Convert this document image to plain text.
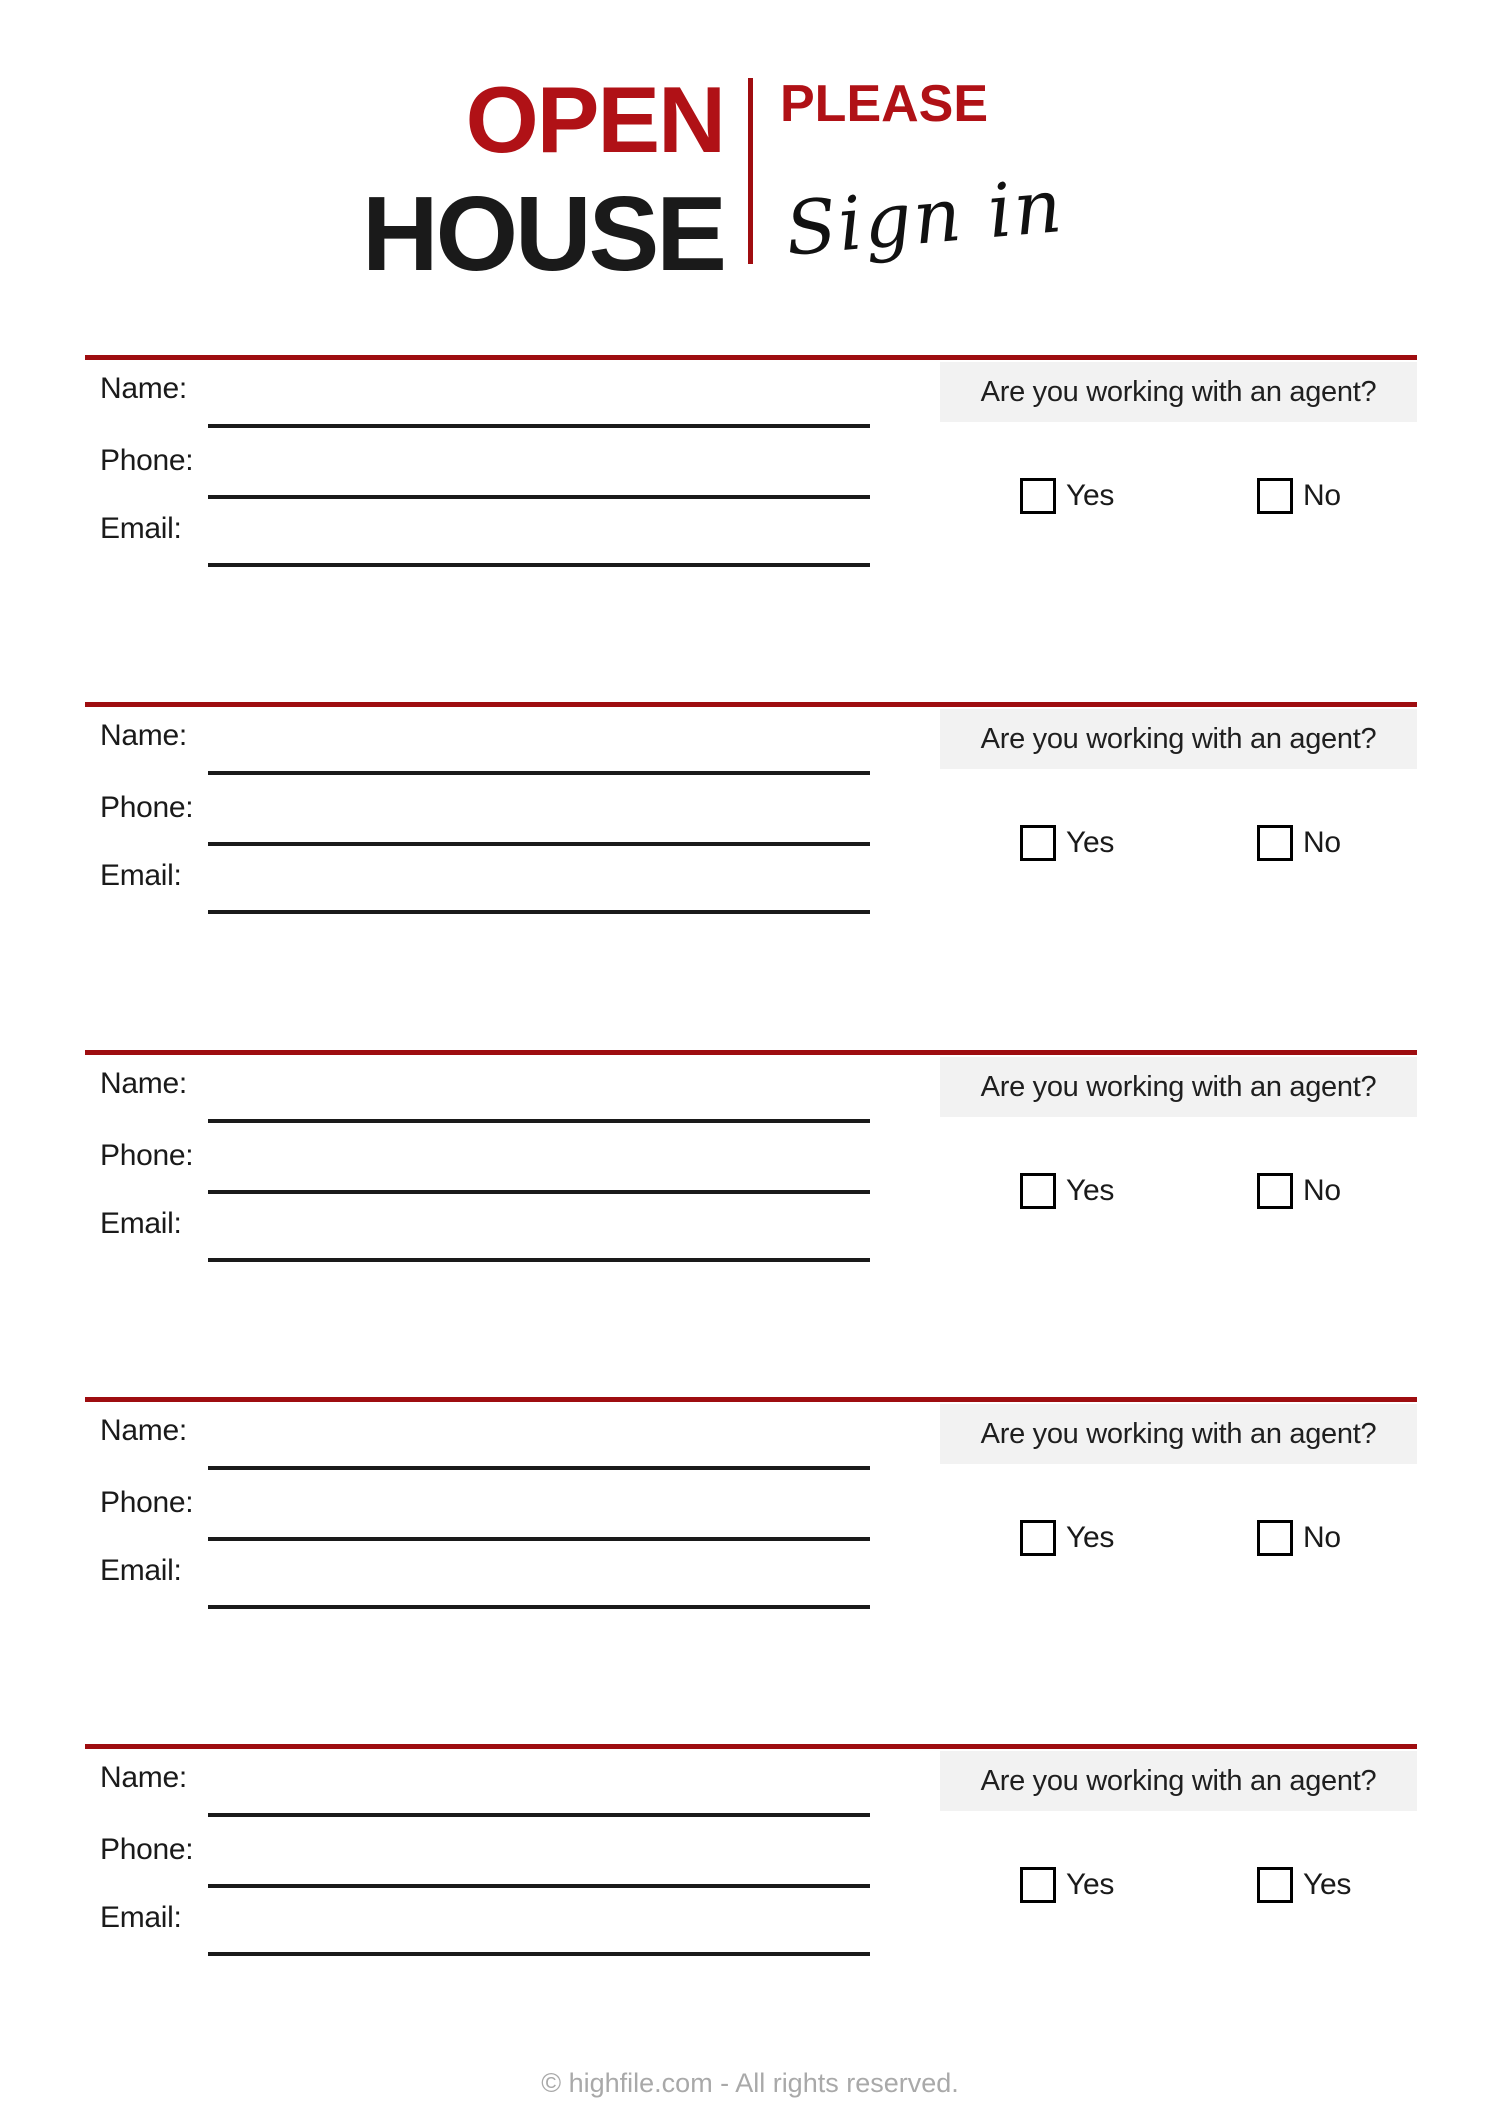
OPEN
HOUSE
PLEASE
Sign in
Name:
Phone:
Email:
Are you working with an agent?
Yes	No
Name:
Phone:
Email:
Are you working with an agent?
Yes	No
Name:
Phone:
Email:
Are you working with an agent?
Yes	No
Name:
Phone:
Email:
Are you working with an agent?
Yes	No
Name:
Phone:
Email:
Are you working with an agent?
Yes	Yes
© highfile.com - All rights reserved.
